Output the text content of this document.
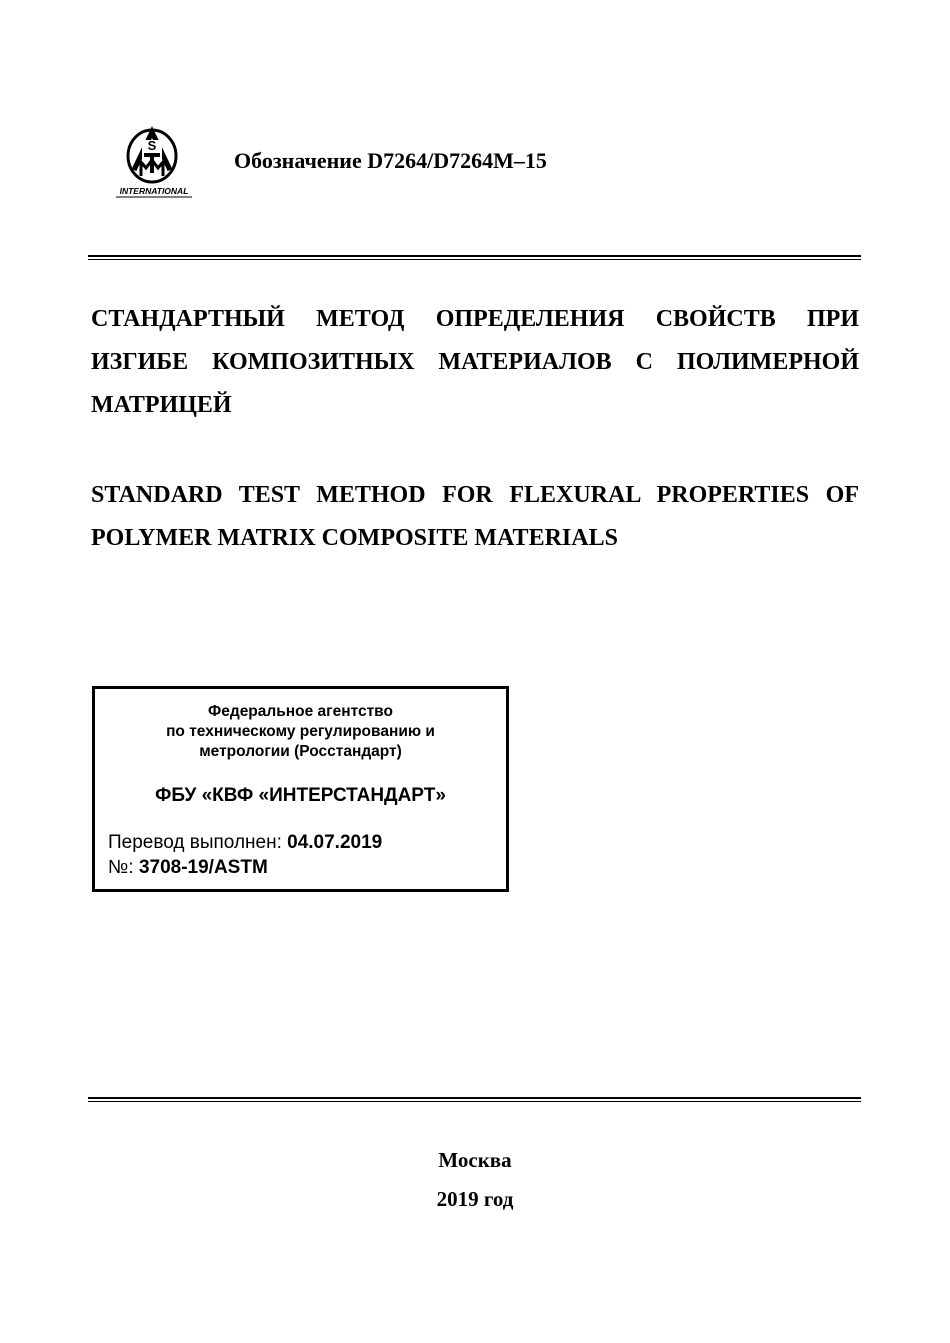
S
INTERNATIONAL
ASTM
Обозначение D7264/D7264M–15
СТАНДАРТНЫЙ МЕТОД ОПРЕДЕЛЕНИЯ СВОЙСТВ ПРИ
ИЗГИБЕ КОМПОЗИТНЫХ МАТЕРИАЛОВ С ПОЛИМЕРНОЙ
МАТРИЦЕЙ
STANDARD TEST METHOD FOR FLEXURAL PROPERTIES OF
POLYMER MATRIX COMPOSITE MATERIALS
Федеральное агентство
по техническому регулированию и
метрологии (Росстандарт)
ФБУ «КВФ «ИНТЕРСТАНДАРТ»
Перевод выполнен: 04.07.2019
№: 3708-19/ASTM
Москва
2019 год
